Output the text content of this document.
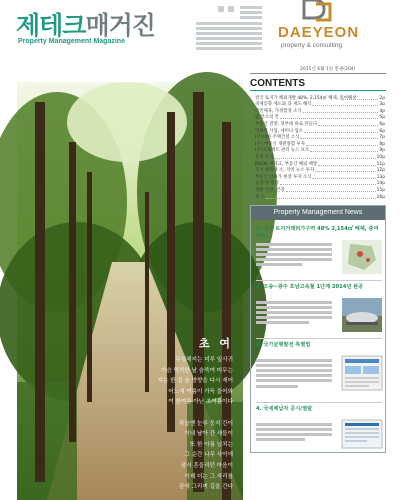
제테크매거진
Property Management Magazine
DAEYEON
property & consulting
2015년 6월 1일 통권(204)
초 여
무성해지는 미루 잎사귀
가슴 먹먹한 날 숨죽여 머무는
지는 한 길 숲 방향을 다시 재어
어느새 여름이 가득 들어와
여 한여름 아닌 초여름이다

하늘엔 눈부 둥지 간이
이내 날아 간 새들이
또 한 아름 넘치는
그 순간 나무 사이에
잠시 흔들리던 마음이
이제 더는 그 자리를
꿈에 그리며 길을 간다
CONTENTS
전국 토지가 해외개발 48%, 2,154㎡ 해제, 중여해설	2p
경제동향 제도와 과 제도 해석	3p
국민체육, 가정합경 소식	4p
법 안소의 칸	5p
부동산 전망, 경부대 바로 만들다	6p
역세권 사업, 세미나 업소	6p
(주)대한 주택건설 소식	7p
(주) 부동산 개발종합 투자	8p
(주)프로젝트 관리 뉴스 보조	9p
동정 소식	10p
BOOK 재테크, 부동산 해외 책방	11p
주거 행복세 소, 지역 뉴스 투자	12p
부동산 인허가 현장 투자 소식	13p
농장 영 현장	14p
생활 건강, 건강	15p
퀴 즈	16p
Property Management News
1. 전국 토지거래허가구역 48% 2,154㎡ 해제, 중여해설
2. 오송~광주 호남고속철 1단계 2014년 완공
3. 국가균형발전 특별법
4. 국세체납자 공시/열람
